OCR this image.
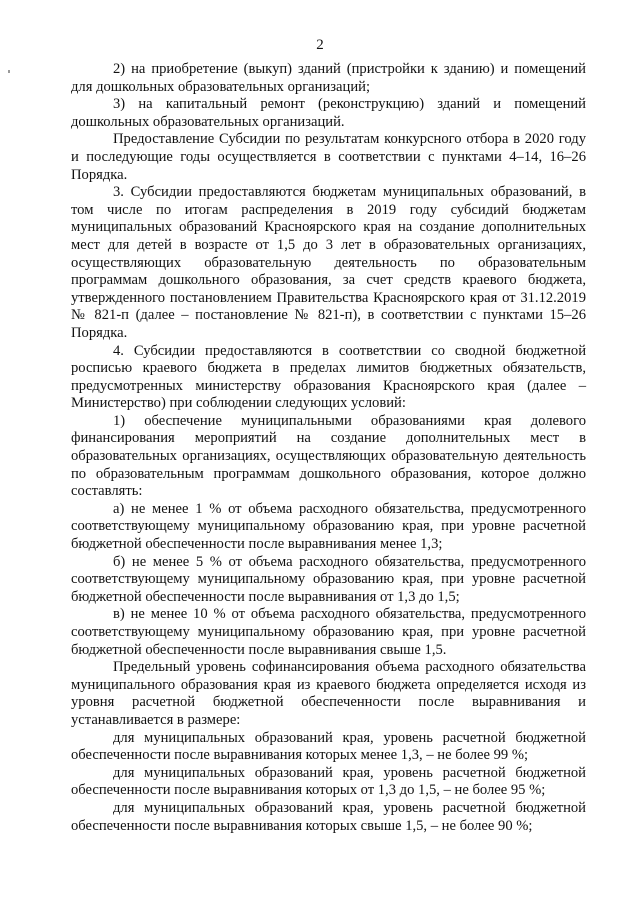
2

2) на приобретение (выкуп) зданий (пристройки к зданию) и помещений для дошкольных образовательных организаций;

3) на капитальный ремонт (реконструкцию) зданий и помещений дошкольных образовательных организаций.

Предоставление Субсидии по результатам конкурсного отбора в 2020 году и последующие годы осуществляется в соответствии с пунктами 4–14, 16–26 Порядка.

3. Субсидии предоставляются бюджетам муниципальных образований, в том числе по итогам распределения в 2019 году субсидий бюджетам муниципальных образований Красноярского края на создание дополнительных мест для детей в возрасте от 1,5 до 3 лет в образовательных организациях, осуществляющих образовательную деятельность по образовательным программам дошкольного образования, за счет средств краевого бюджета, утвержденного постановлением Правительства Красноярского края от 31.12.2019 № 821-п (далее – постановление № 821-п), в соответствии с пунктами 15–26 Порядка.

4. Субсидии предоставляются в соответствии со сводной бюджетной росписью краевого бюджета в пределах лимитов бюджетных обязательств, предусмотренных министерству образования Красноярского края (далее – Министерство) при соблюдении следующих условий:

1) обеспечение муниципальными образованиями края долевого финансирования мероприятий на создание дополнительных мест в образовательных организациях, осуществляющих образовательную деятельность по образовательным программам дошкольного образования, которое должно составлять:

а) не менее 1 % от объема расходного обязательства, предусмотренного соответствующему муниципальному образованию края, при уровне расчетной бюджетной обеспеченности после выравнивания менее 1,3;

б) не менее 5 % от объема расходного обязательства, предусмотренного соответствующему муниципальному образованию края, при уровне расчетной бюджетной обеспеченности после выравнивания от 1,3 до 1,5;

в) не менее 10 % от объема расходного обязательства, предусмотренного соответствующему муниципальному образованию края, при уровне расчетной бюджетной обеспеченности после выравнивания свыше 1,5.

Предельный уровень софинансирования объема расходного обязательства муниципального образования края из краевого бюджета определяется исходя из уровня расчетной бюджетной обеспеченности после выравнивания и устанавливается в размере:

для муниципальных образований края, уровень расчетной бюджетной обеспеченности после выравнивания которых менее 1,3, – не более 99 %;

для муниципальных образований края, уровень расчетной бюджетной обеспеченности после выравнивания которых от 1,3 до 1,5, – не более 95 %;

для муниципальных образований края, уровень расчетной бюджетной обеспеченности после выравнивания которых свыше 1,5, – не более 90 %;
